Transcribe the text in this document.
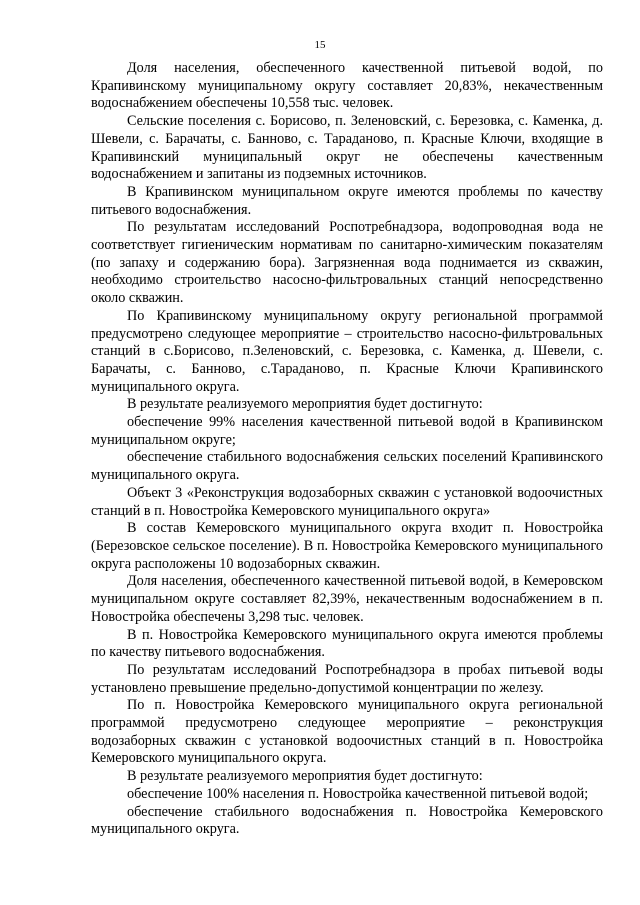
15

Доля населения, обеспеченного качественной питьевой водой, по Крапивинскому муниципальному округу составляет 20,83%, некачественным водоснабжением обеспечены 10,558 тыс. человек.

Сельские поселения с. Борисово, п. Зеленовский, с. Березовка, с. Каменка, д. Шевели, с. Барачаты, с. Банново, с. Тараданово, п. Красные Ключи, входящие в Крапивинский муниципальный округ не обеспечены качественным водоснабжением и запитаны из подземных источников.

В Крапивинском муниципальном округе имеются проблемы по качеству питьевого водоснабжения.

По результатам исследований Роспотребнадзора, водопроводная вода не соответствует гигиеническим нормативам по санитарно-химическим показателям (по запаху и содержанию бора). Загрязненная вода поднимается из скважин, необходимо строительство насосно-фильтровальных станций непосредственно около скважин.

По Крапивинскому муниципальному округу региональной программой предусмотрено следующее мероприятие – строительство насосно-фильтровальных станций в с.Борисово, п.Зеленовский, с. Березовка, с. Каменка, д. Шевели, с. Барачаты, с. Банново, с.Тараданово, п. Красные Ключи Крапивинского муниципального округа.

В результате реализуемого мероприятия будет достигнуто:

обеспечение 99% населения качественной питьевой водой в Крапивинском муниципальном округе;

обеспечение стабильного водоснабжения сельских поселений Крапивинского муниципального округа.

Объект 3 «Реконструкция водозаборных скважин с установкой водоочистных станций в п. Новостройка Кемеровского муниципального округа»

В состав Кемеровского муниципального округа входит п. Новостройка (Березовское сельское поселение). В п. Новостройка Кемеровского муниципального округа расположены 10 водозаборных скважин.

Доля населения, обеспеченного качественной питьевой водой, в Кемеровском муниципальном округе составляет 82,39%, некачественным водоснабжением в п. Новостройка обеспечены 3,298 тыс. человек.

В п. Новостройка Кемеровского муниципального округа имеются проблемы по качеству питьевого водоснабжения.

По результатам исследований Роспотребнадзора в пробах питьевой воды установлено превышение предельно-допустимой концентрации по железу.

По п. Новостройка Кемеровского муниципального округа региональной программой предусмотрено следующее мероприятие – реконструкция водозаборных скважин с установкой водоочистных станций в п. Новостройка Кемеровского муниципального округа.

В результате реализуемого мероприятия будет достигнуто:

обеспечение 100% населения п. Новостройка качественной питьевой водой;

обеспечение стабильного водоснабжения п. Новостройка Кемеровского муниципального округа.
